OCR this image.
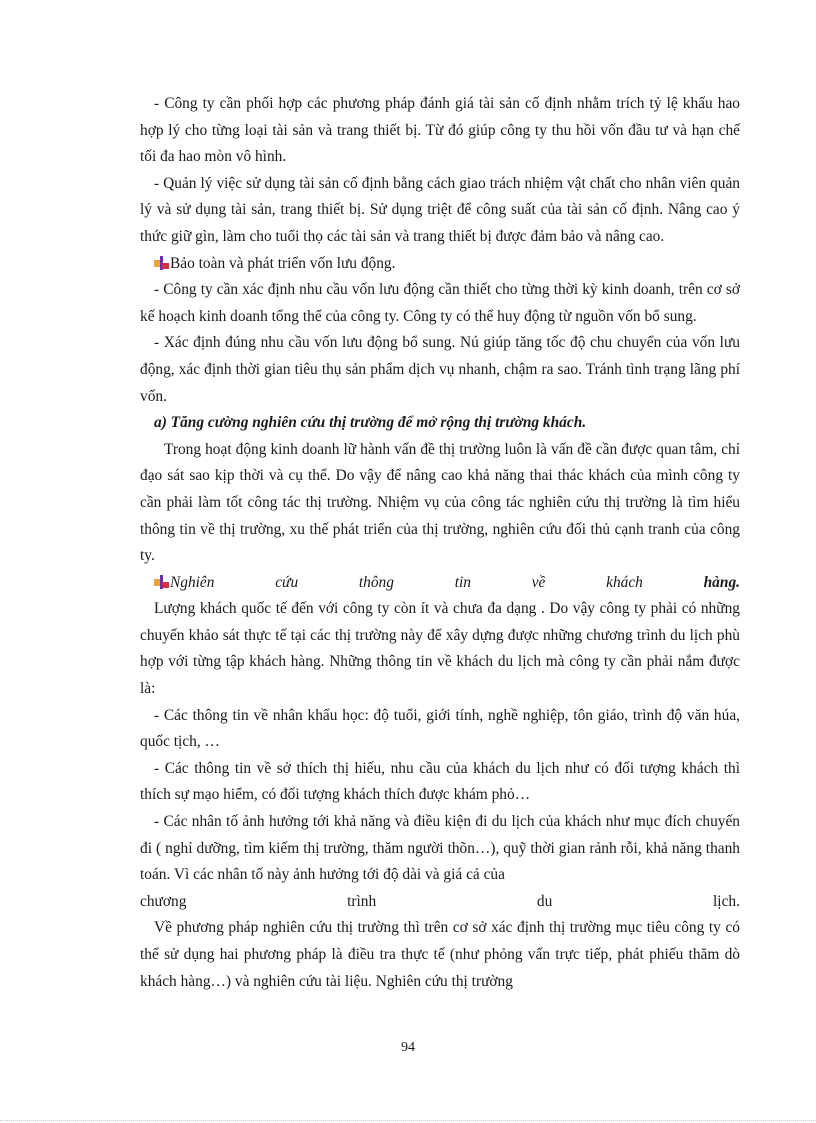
- Công ty cần phối hợp các phương pháp đánh giá tài sản cố định nhằm trích tỷ lệ khấu hao hợp lý cho từng loại tài sản và trang thiết bị. Từ đó giúp công ty thu hồi vốn đầu tư và hạn chế tối đa hao mòn vô hình.

- Quản lý việc sử dụng tài sản cố định bằng cách giao trách nhiệm vật chất cho nhân viên quản lý và sử dụng tài sản, trang thiết bị. Sử dụng triệt để công suất của tài sản cố định. Nâng cao ý thức giữ gìn, làm cho tuổi thọ các tài sản và trang thiết bị được đảm bảo và nâng cao.

Bảo toàn và phát triển vốn lưu động.

- Công ty cần xác định nhu cầu vốn lưu động cần thiết cho từng thời kỳ kinh doanh, trên cơ sở kế hoạch kinh doanh tổng thể của công ty. Công ty có thể huy động từ nguồn vốn bổ sung.

- Xác định đúng nhu cầu vốn lưu động bổ sung. Nú giúp tăng tốc độ chu chuyển của vốn lưu động, xác định thời gian tiêu thụ sản phẩm dịch vụ nhanh, chậm ra sao. Tránh tình trạng lãng phí vốn.

a) Tăng cường nghiên cứu thị trường để mở rộng thị trường khách.

Trong hoạt động kinh doanh lữ hành vấn đề thị trường luôn là vấn đề cần được quan tâm, chỉ đạo sát sao kịp thời và cụ thể. Do vậy để nâng cao khả năng thai thác khách của mình công ty cần phải làm tốt công tác thị trường. Nhiệm vụ của công tác nghiên cứu thị trường là tìm hiểu thông tin về thị trường, xu thế phát triển của thị trường, nghiên cứu đối thủ cạnh tranh của công ty.

Nghiên	cứu	thông	tin	về	khách	hàng.

Lượng khách quốc tế đến với công ty còn ít và chưa đa dạng . Do vậy công ty phải có những chuyến khảo sát thực tế tại các thị trường này để xây dựng được những chương trình du lịch phù hợp với từng tập khách hàng. Những thông tin về khách du lịch mà công ty cần phải nắm được là:

- Các thông tin về nhân khẩu học: độ tuổi, giới tính, nghề nghiệp, tôn giáo, trình độ văn húa, quốc tịch, …

- Các thông tin về sở thích thị hiếu, nhu cầu của khách du lịch như có đối tượng khách thì thích sự mạo hiểm, có đối tượng khách thích được khám phỏ…

- Các nhân tố ảnh hưởng tới khả năng và điều kiện đi du lịch của khách như mục đích chuyến đi ( nghỉ dưỡng, tìm kiếm thị trường, thăm người thõn…), quỹ thời gian rảnh rỗi, khả năng thanh toán. Vì các nhân tố này ảnh hưởng tới độ dài và giá cả của

chương	trình	du	lịch.

Về phương pháp nghiên cứu thị trường thì trên cơ sở xác định thị trường mục tiêu công ty có thể sử dụng hai phương pháp là điều tra thực tế (như phỏng vấn trực tiếp, phát phiếu thăm dò khách hàng…) và nghiên cứu tài liệu. Nghiên cứu thị trường

94
